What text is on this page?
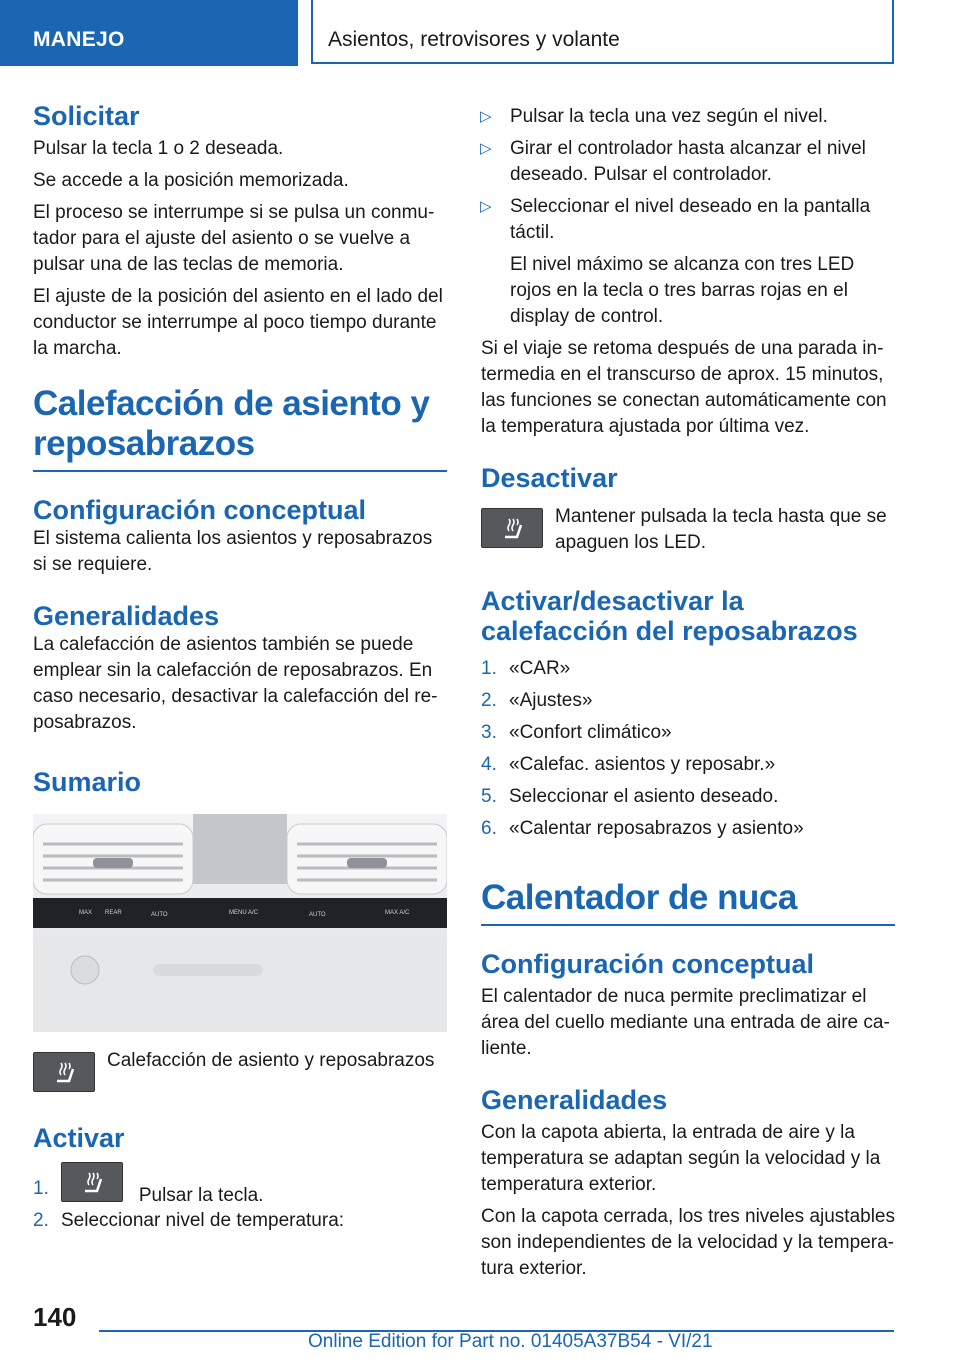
MANEJO	Asientos, retrovisores y volante
Solicitar

Pulsar la tecla 1 o 2 deseada.

Se accede a la posición memorizada.

El proceso se interrumpe si se pulsa un conmutador para el ajuste del asiento o se vuelve a pulsar una de las teclas de memoria.

El ajuste de la posición del asiento en el lado del conductor se interrumpe al poco tiempo durante la marcha.

Calefacción de asiento y reposabrazos
Configuración conceptual

El sistema calienta los asientos y reposabrazos si se requiere.

Generalidades

La calefacción de asientos también se puede emplear sin la calefacción de reposabrazos. En caso necesario, desactivar la calefacción del reposabrazos.

Sumario
MAX REAR	AUTO	MENU A/C	AUTO	MAX A/C

Calefacción de asiento y reposabrazos

Activar
1.	Pulsar la tecla.
2. Seleccionar nivel de temperatura:
▷ Pulsar la tecla una vez según el nivel.
▷ Girar el controlador hasta alcanzar el nivel deseado. Pulsar el controlador.
▷ Seleccionar el nivel deseado en la pantalla táctil.

El nivel máximo se alcanza con tres LED rojos en la tecla o tres barras rojas en el display de control.

Si el viaje se retoma después de una parada intermedia en el transcurso de aprox. 15 minutos, las funciones se conectan automáticamente con la temperatura ajustada por última vez.

Desactivar

Mantener pulsada la tecla hasta que se apaguen los LED.

Activar/desactivar la calefacción del reposabrazos
1. «CAR»
2. «Ajustes»
3. «Confort climático»
4. «Calefac. asientos y reposabr.»
5. Seleccionar el asiento deseado.
6. «Calentar reposabrazos y asiento»
Calentador de nuca
Configuración conceptual

El calentador de nuca permite preclimatizar el área del cuello mediante una entrada de aire caliente.

Generalidades

Con la capota abierta, la entrada de aire y la temperatura se adaptan según la velocidad y la temperatura exterior.

Con la capota cerrada, los tres niveles ajustables son independientes de la velocidad y la temperatura exterior.

140
Online Edition for Part no. 01405A37B54 - VI/21
